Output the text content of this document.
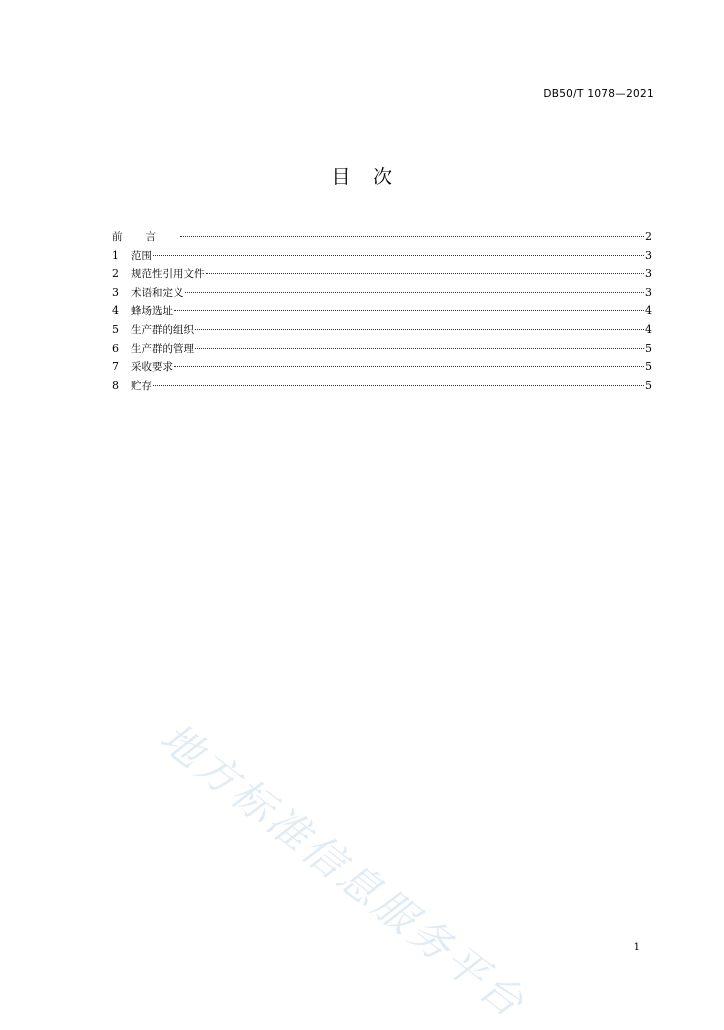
DB50/T 1078—2021
目 次
前言	2
1	范围	3
2	规范性引用文件	3
3	术语和定义	3
4	蜂场选址	4
5	生产群的组织	4
6	生产群的管理	5
7	采收要求	5
8	贮存	5
地方标准信息服务平台	1
